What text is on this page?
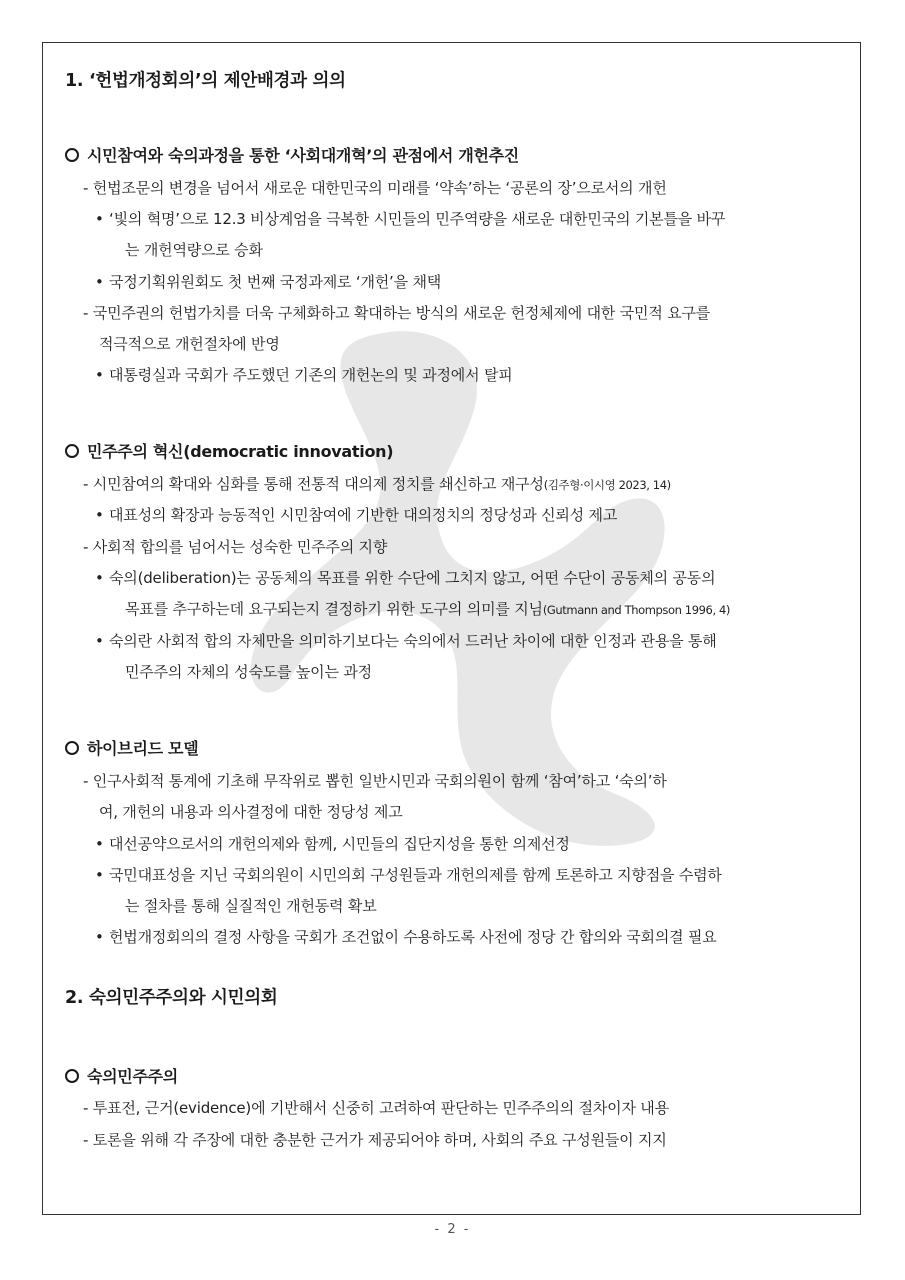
1. ‘헌법개정회의’의 제안배경과 의의
시민참여와 숙의과정을 통한 ‘사회대개혁’의 관점에서 개헌추진
- 헌법조문의 변경을 넘어서 새로운 대한민국의 미래를 ‘약속’하는 ‘공론의 장’으로서의 개헌
• ‘빛의 혁명’으로 12.3 비상계엄을 극복한 시민들의 민주역량을 새로운 대한민국의 기본틀을 바꾸
는 개헌역량으로 승화
• 국정기획위원회도 첫 번째 국정과제로 ‘개헌’을 채택
- 국민주권의 헌법가치를 더욱 구체화하고 확대하는 방식의 새로운 헌정체제에 대한 국민적 요구를
적극적으로 개헌절차에 반영
• 대통령실과 국회가 주도했던 기존의 개헌논의 및 과정에서 탈피
민주주의 혁신(democratic innovation)
- 시민참여의 확대와 심화를 통해 전통적 대의제 정치를 쇄신하고 재구성(김주형·이시영 2023, 14)
• 대표성의 확장과 능동적인 시민참여에 기반한 대의정치의 정당성과 신뢰성 제고
- 사회적 합의를 넘어서는 성숙한 민주주의 지향
• 숙의(deliberation)는 공동체의 목표를 위한 수단에 그치지 않고, 어떤 수단이 공동체의 공동의
목표를 추구하는데 요구되는지 결정하기 위한 도구의 의미를 지님(Gutmann and Thompson 1996, 4)
• 숙의란 사회적 합의 자체만을 의미하기보다는 숙의에서 드러난 차이에 대한 인정과 관용을 통해
민주주의 자체의 성숙도를 높이는 과정
하이브리드 모델
- 인구사회적 통계에 기초해 무작위로 뽑힌 일반시민과 국회의원이 함께 ‘참여’하고 ‘숙의’하
여, 개헌의 내용과 의사결정에 대한 정당성 제고
• 대선공약으로서의 개헌의제와 함께, 시민들의 집단지성을 통한 의제선정
• 국민대표성을 지닌 국회의원이 시민의회 구성원들과 개헌의제를 함께 토론하고 지향점을 수렴하
는 절차를 통해 실질적인 개헌동력 확보
• 헌법개정회의의 결정 사항을 국회가 조건없이 수용하도록 사전에 정당 간 합의와 국회의결 필요
2. 숙의민주주의와 시민의회
숙의민주주의
- 투표전, 근거(evidence)에 기반해서 신중히 고려하여 판단하는 민주주의의 절차이자 내용
- 토론을 위해 각 주장에 대한 충분한 근거가 제공되어야 하며, 사회의 주요 구성원들이 지지
- 2 -
